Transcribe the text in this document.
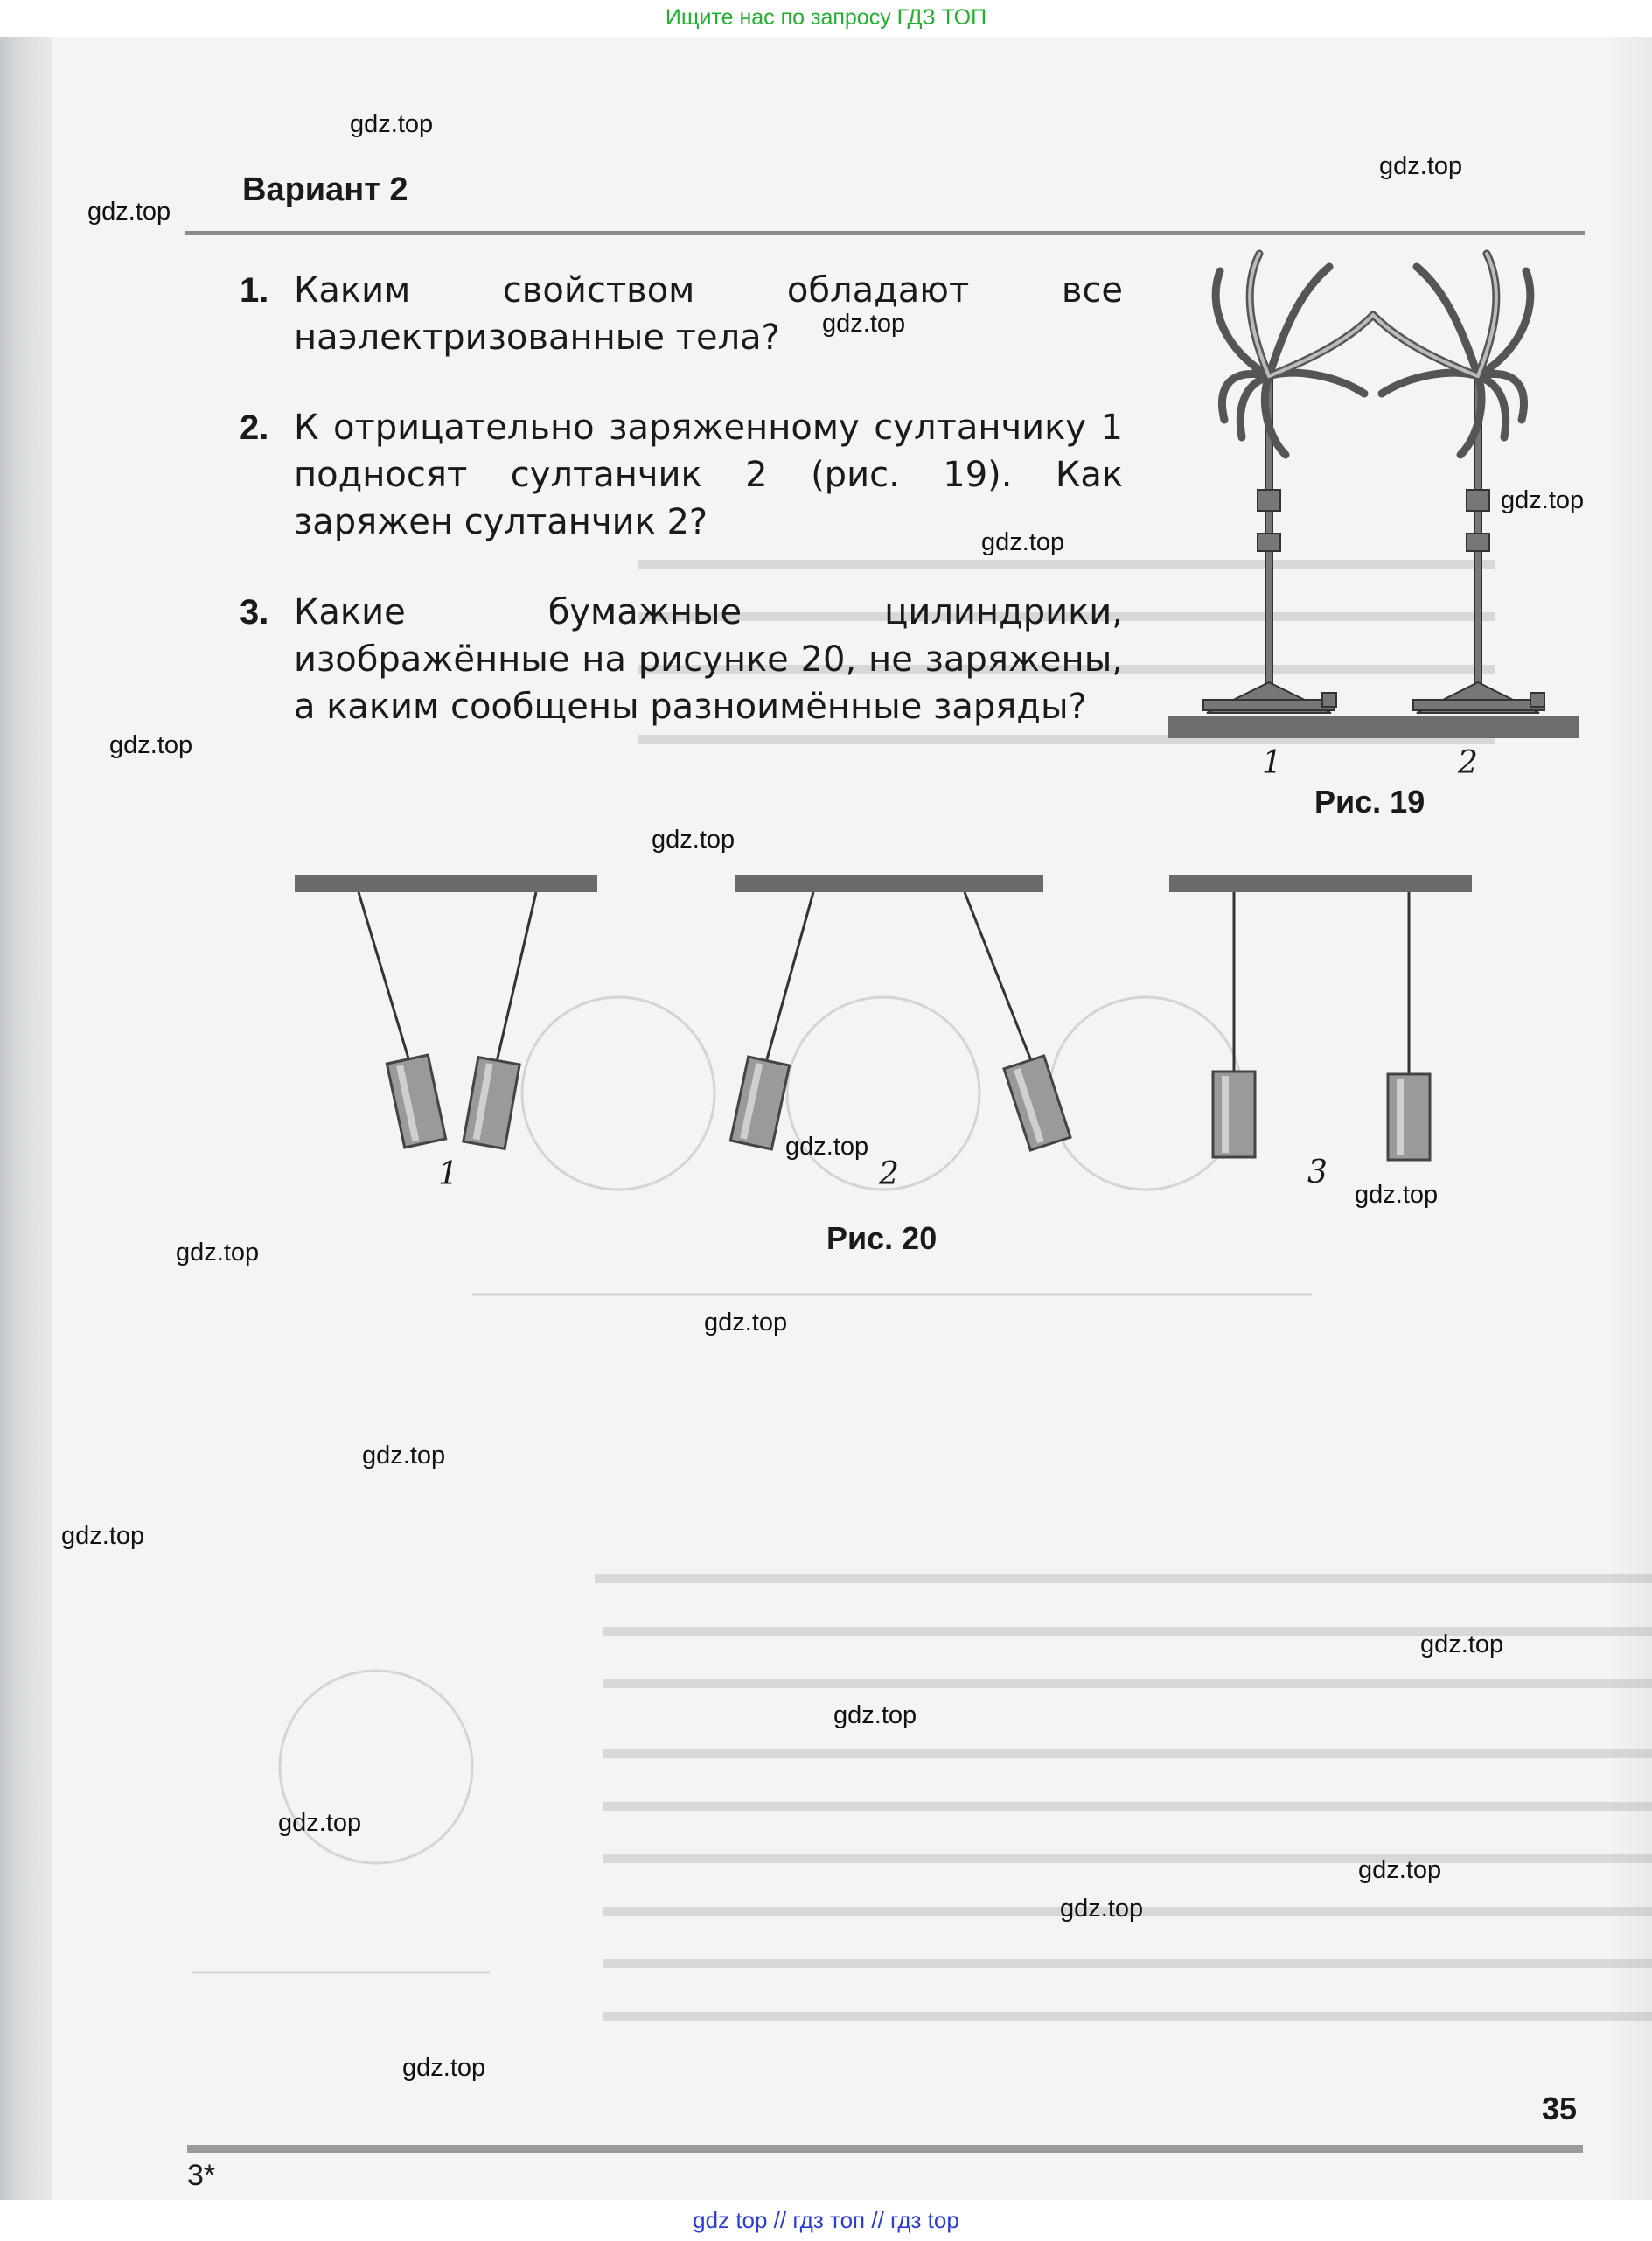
Вариант 2
1. Каким свойством обладают все наэлектризованные тела?
2. К отрицательно заряженному султанчику 1 подносят султанчик 2 (рис. 19). Как заряжен султанчик 2?
3. Какие бумажные цилиндрики, изображённые на рисунке 20, не заряжены, а каким сообщены разноимённые заряды?
1	2
Рис. 19
1	2	3
Рис. 20
gdz.top
gdz.top
gdz.top
gdz.top
gdz.top
gdz.top
gdz.top
gdz.top
gdz.top
gdz.top
gdz.top
gdz.top
gdz.top
gdz.top
gdz.top
gdz.top
gdz.top
gdz.top
35
3*
gdz.top
gdz.top
Ищите нас по запросу ГДЗ ТОП
gdz top // гдз топ // гдз top
